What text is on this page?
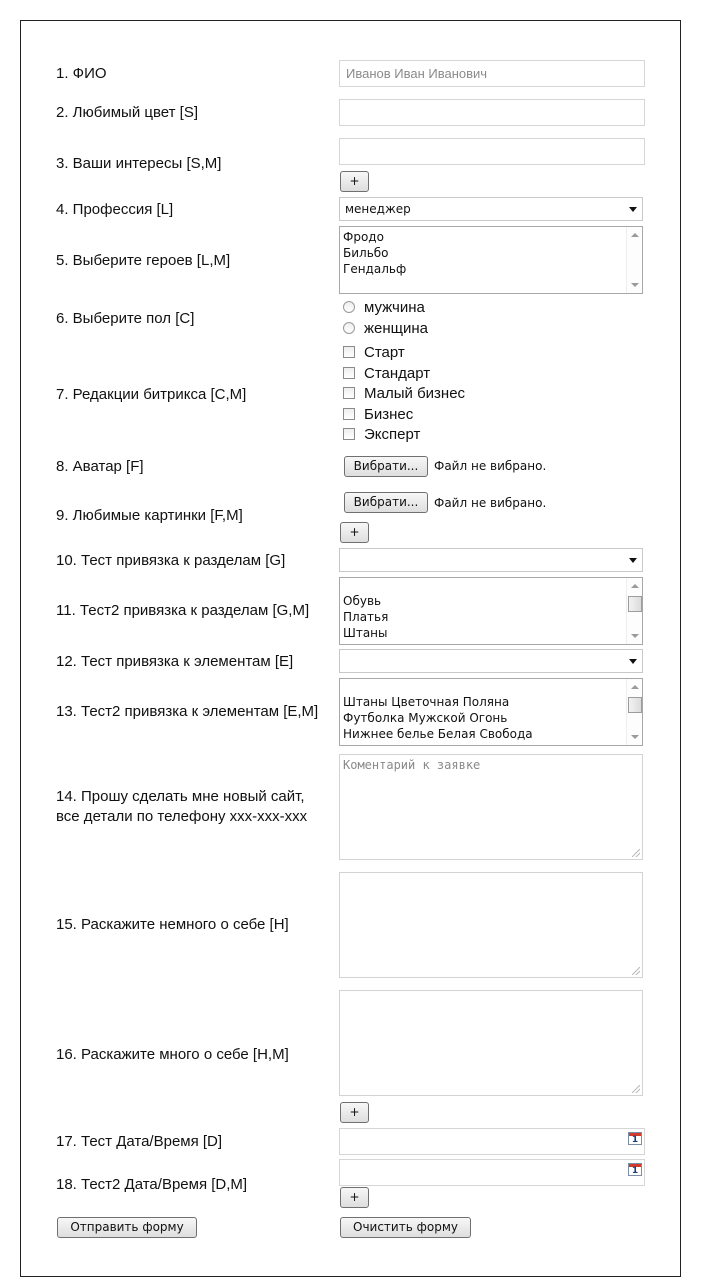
1. ФИО	Иванов Иван Иванович
2. Любимый цвет [S]
3. Ваши интересы [S,M]
+
4. Профессия [L]	менеджер
5. Выберите героев [L,M]
Фродо
Бильбо
Гендальф
6. Выберите пол [C]
мужчина
женщина
7. Редакции битрикса [C,M]
Старт
Стандарт
Малый бизнес
Бизнес
Эксперт
8. Аватар [F]	Вибрати...	Файл не вибрано.
9. Любимые картинки [F,M]
Вибрати...	Файл не вибрано.
+
10. Тест привязка к разделам [G]
11. Тест2 привязка к разделам [G,M]
Обувь
Платья
Штаны
12. Тест привязка к элементам [E]
13. Тест2 привязка к элементам [E,M]
Штаны Цветочная Поляна
Футболка Мужской Огонь
Нижнее белье Белая Свобода
14. Прошу сделать мне новый сайт,
все детали по телефону xxx-xxx-xxx
Коментарий к заявке
15. Раскажите немного о себе [H]
16. Раскажите много о себе [H,M]
+
17. Тест Дата/Время [D]	1
18. Тест2 Дата/Время [D,M]
1
+
Отправить форму	Очистить форму
